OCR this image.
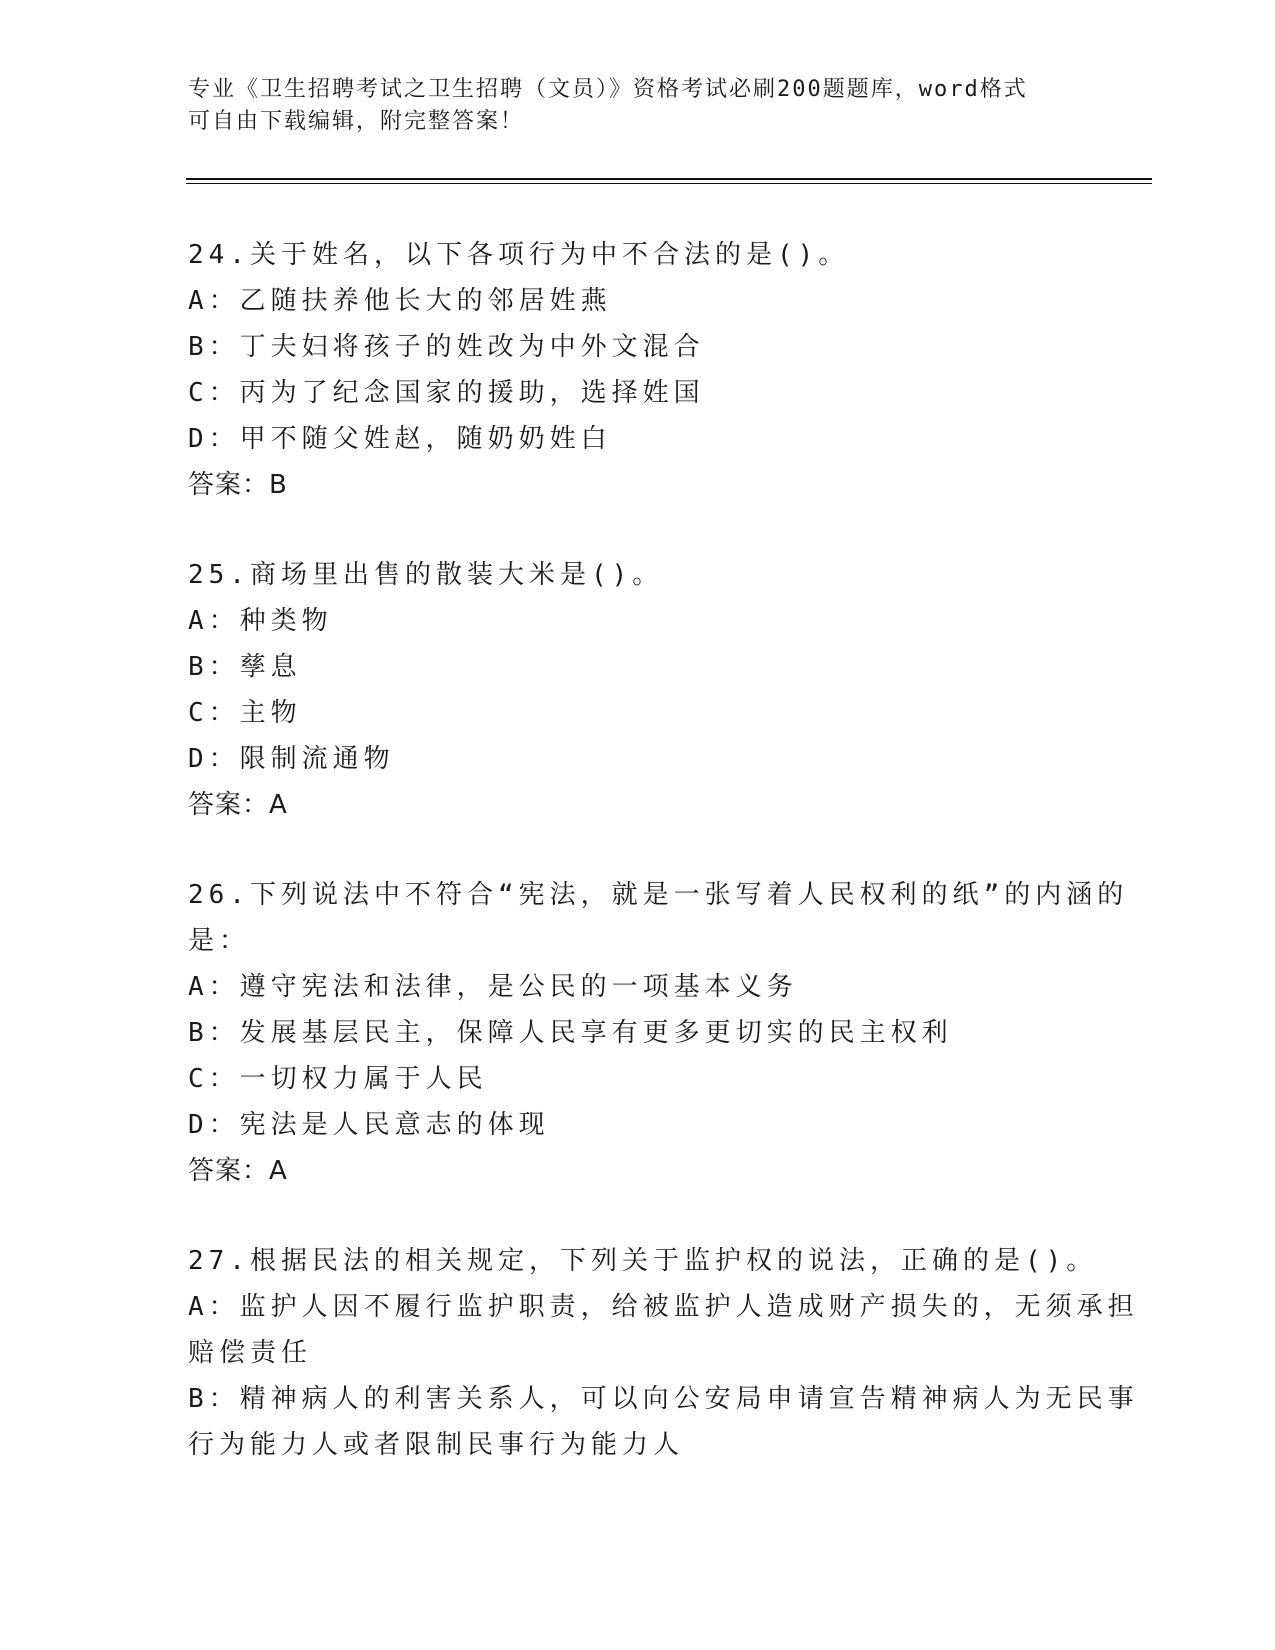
专业《卫生招聘考试之卫生招聘（文员）》资格考试必刷200题题库，word格式
可自由下载编辑，附完整答案！
24.关于姓名，以下各项行为中不合法的是()。
A：乙随扶养他长大的邻居姓燕
B：丁夫妇将孩子的姓改为中外文混合
C：丙为了纪念国家的援助，选择姓国
D：甲不随父姓赵，随奶奶姓白
答案：B
25.商场里出售的散装大米是()。
A：种类物
B：孳息
C：主物
D：限制流通物
答案：A
26.下列说法中不符合“宪法，就是一张写着人民权利的纸”的内涵的
是：
A：遵守宪法和法律，是公民的一项基本义务
B：发展基层民主，保障人民享有更多更切实的民主权利
C：一切权力属于人民
D：宪法是人民意志的体现
答案：A
27.根据民法的相关规定，下列关于监护权的说法，正确的是()。
A：监护人因不履行监护职责，给被监护人造成财产损失的，无须承担
赔偿责任
B：精神病人的利害关系人，可以向公安局申请宣告精神病人为无民事
行为能力人或者限制民事行为能力人
